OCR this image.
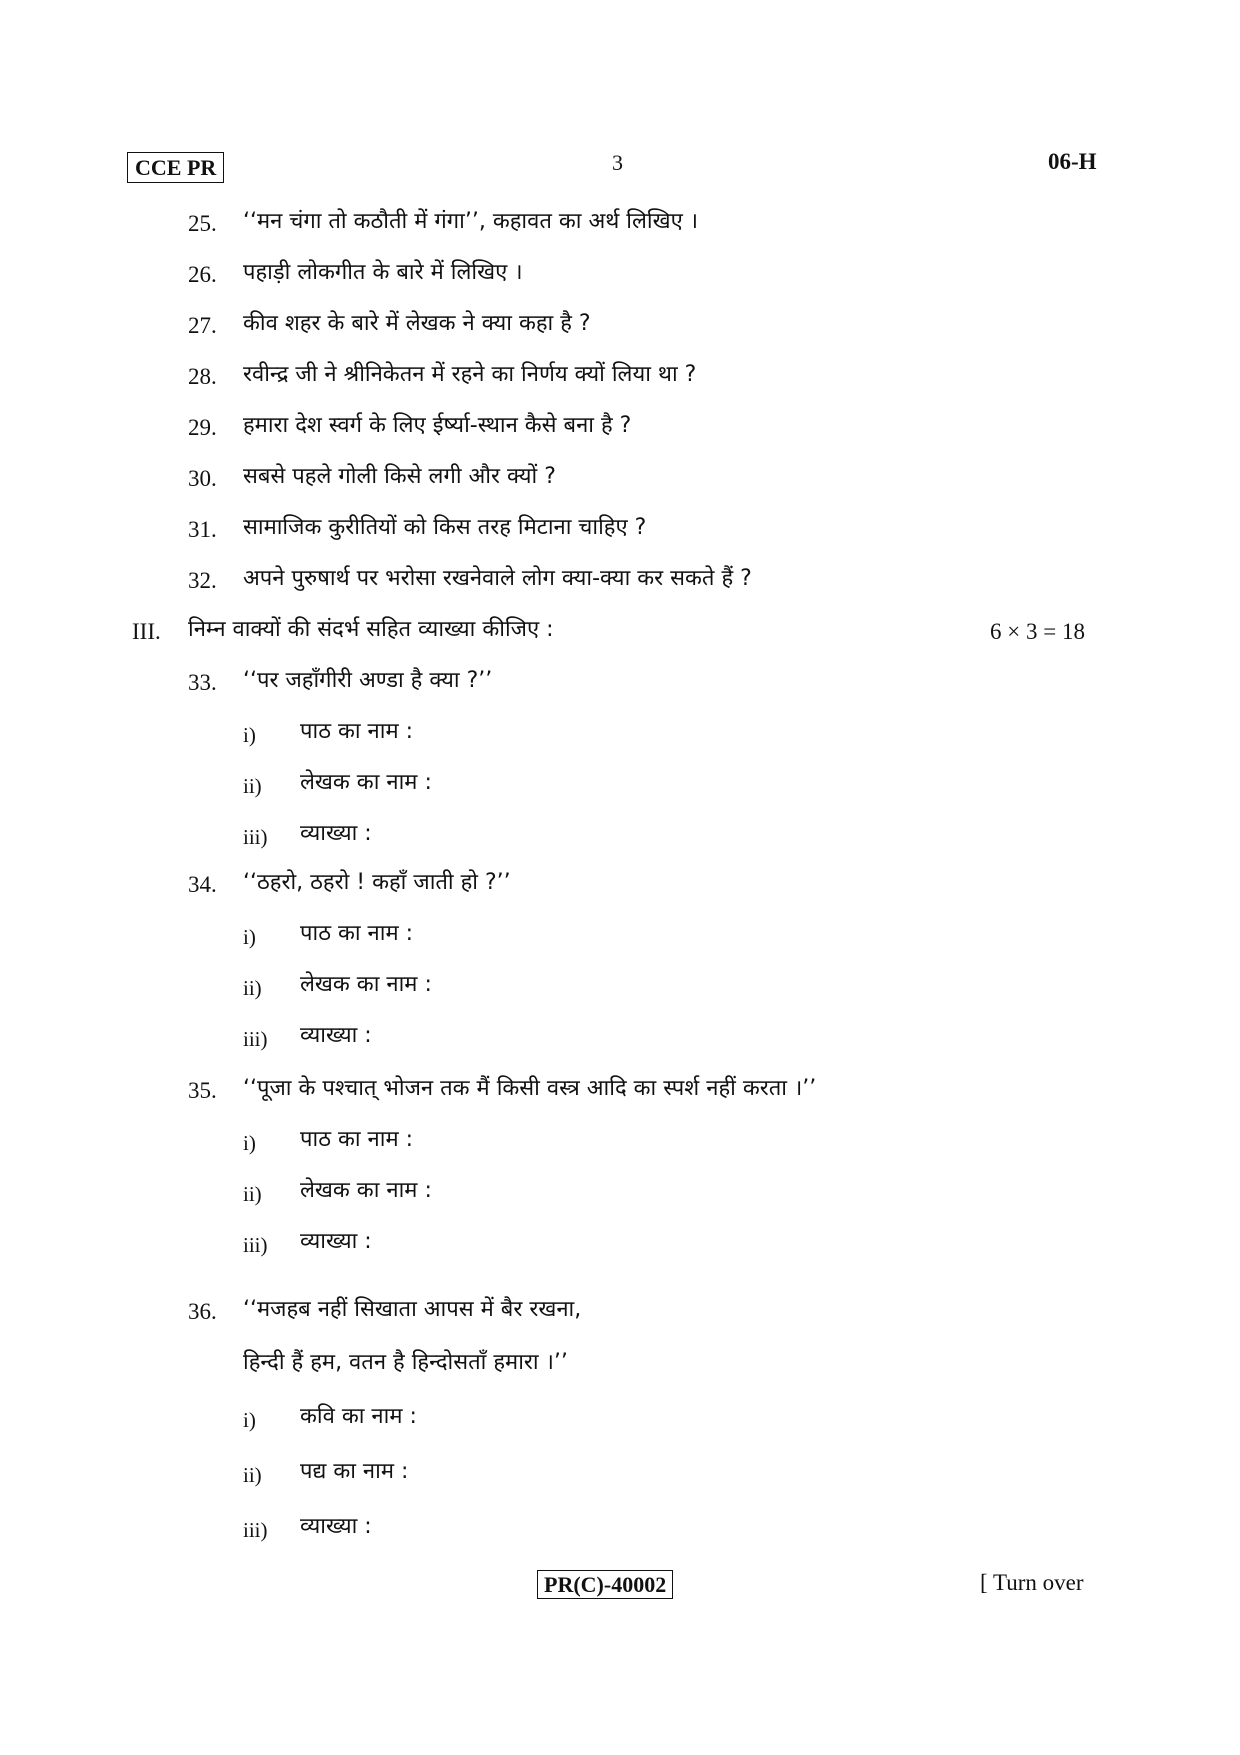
CCE PR	3	06-H
25. ‘‘मन चंगा तो कठौती में गंगा’’, कहावत का अर्थ लिखिए ।
26. पहाड़ी लोकगीत के बारे में लिखिए ।
27. कीव शहर के बारे में लेखक ने क्या कहा है ?
28. रवीन्द्र जी ने श्रीनिकेतन में रहने का निर्णय क्यों लिया था ?
29. हमारा देश स्वर्ग के लिए ईर्ष्या-स्थान कैसे बना है ?
30. सबसे पहले गोली किसे लगी और क्यों ?
31. सामाजिक कुरीतियों को किस तरह मिटाना चाहिए ?
32. अपने पुरुषार्थ पर भरोसा रखनेवाले लोग क्या-क्या कर सकते हैं ?
III. निम्न वाक्यों की संदर्भ सहित व्याख्या कीजिए :	6 × 3 = 18
33. ‘‘पर जहाँगीरी अण्डा है क्या ?’’
i) पाठ का नाम :
ii) लेखक का नाम :
iii) व्याख्या :
34. ‘‘ठहरो, ठहरो ! कहाँ जाती हो ?’’
i) पाठ का नाम :
ii) लेखक का नाम :
iii) व्याख्या :
35. ‘‘पूजा के पश्चात् भोजन तक मैं किसी वस्त्र आदि का स्पर्श नहीं करता ।’’
i) पाठ का नाम :
ii) लेखक का नाम :
iii) व्याख्या :
36. ‘‘मजहब नहीं सिखाता आपस में बैर रखना,
हिन्दी हैं हम, वतन है हिन्दोसताँ हमारा ।’’
i) कवि का नाम :
ii) पद्य का नाम :
iii) व्याख्या :
PR(C)-40002	[ Turn over
